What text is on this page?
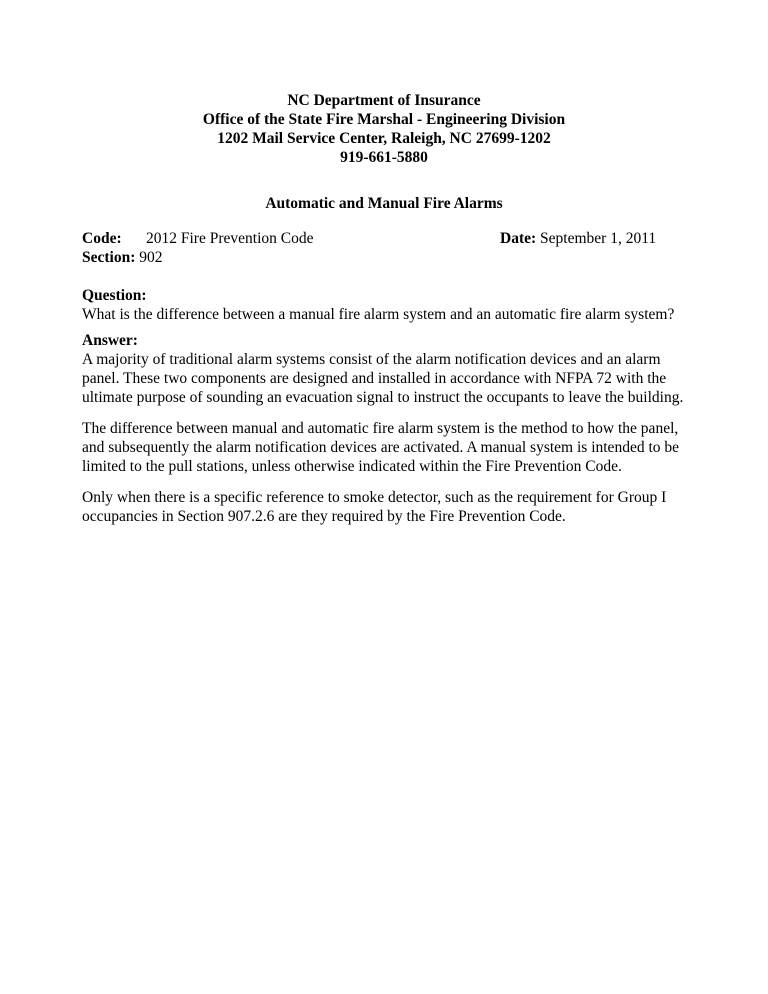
NC Department of Insurance
Office of the State Fire Marshal - Engineering Division
1202 Mail Service Center, Raleigh, NC 27699-1202
919-661-5880
Automatic and Manual Fire Alarms
Code: 2012 Fire Prevention Code	Date: September 1, 2011
Section: 902
Question:

What is the difference between a manual fire alarm system and an automatic fire alarm system?

Answer:

A majority of traditional alarm systems consist of the alarm notification devices and an alarm panel. These two components are designed and installed in accordance with NFPA 72 with the ultimate purpose of sounding an evacuation signal to instruct the occupants to leave the building.

The difference between manual and automatic fire alarm system is the method to how the panel, and subsequently the alarm notification devices are activated. A manual system is intended to be limited to the pull stations, unless otherwise indicated within the Fire Prevention Code.

Only when there is a specific reference to smoke detector, such as the requirement for Group I occupancies in Section 907.2.6 are they required by the Fire Prevention Code.
